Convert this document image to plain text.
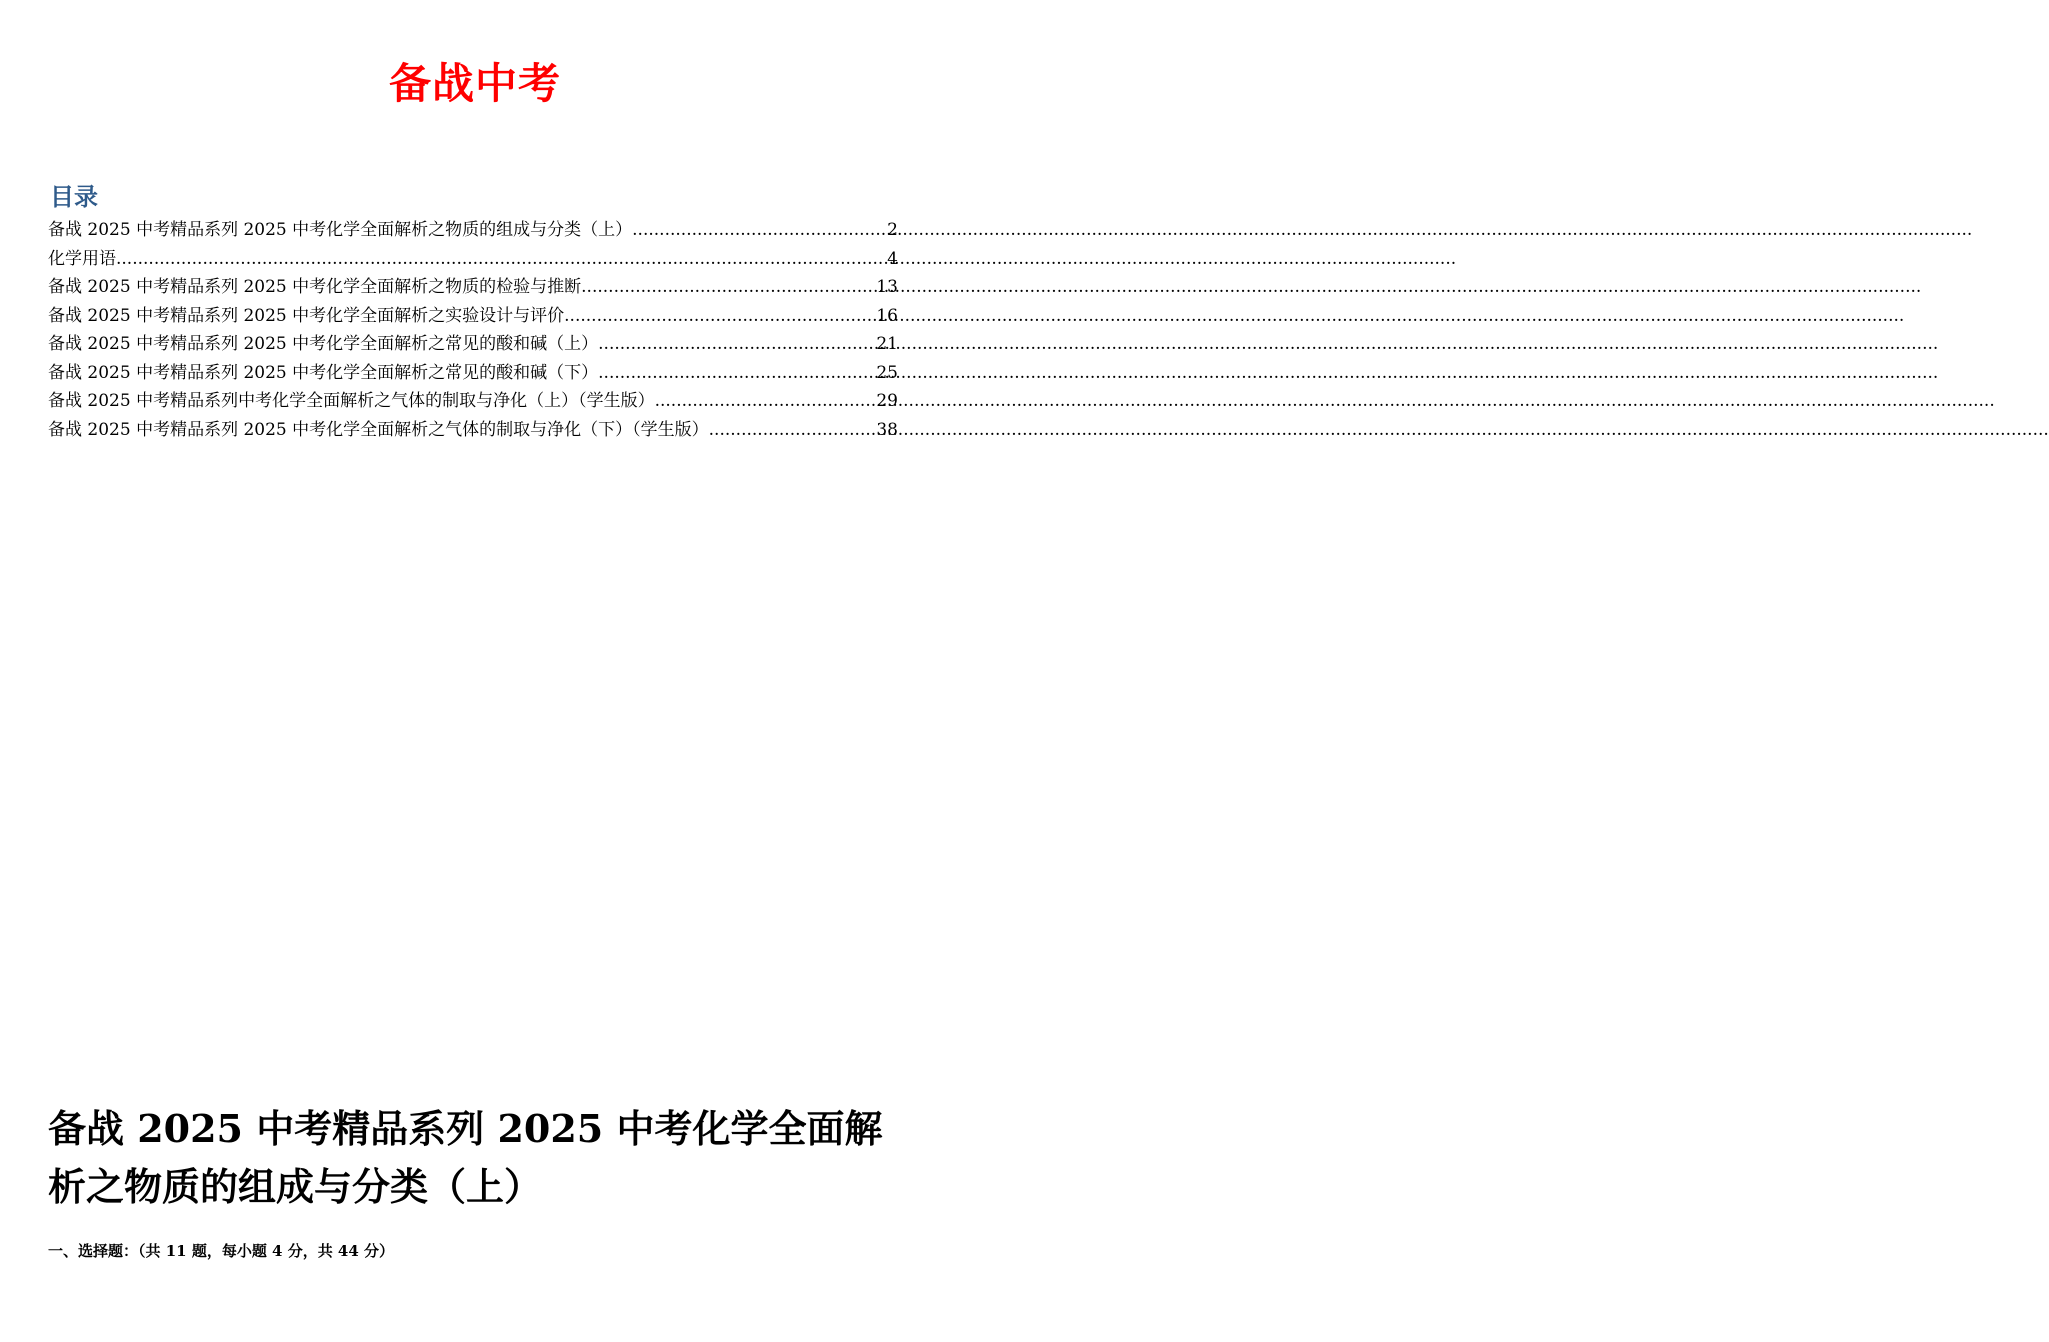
备战中考
目录
备战 2025 中考精品系列 2025 中考化学全面解析之物质的组成与分类（上） .....	2
化学用语 .....	4
备战 2025 中考精品系列 2025 中考化学全面解析之物质的检验与推断 .....	13
备战 2025 中考精品系列 2025 中考化学全面解析之实验设计与评价 .....	16
备战 2025 中考精品系列 2025 中考化学全面解析之常见的酸和碱（上） .....	21
备战 2025 中考精品系列 2025 中考化学全面解析之常见的酸和碱（下） .....	25
备战 2025 中考精品系列中考化学全面解析之气体的制取与净化（上）（学生版） .....	29
备战 2025 中考精品系列 2025 中考化学全面解析之气体的制取与净化（下）（学生版） .....	38
备战 2025 中考精品系列 2025 中考化学全面解析之物质的组成与分类（上）
一、选择题：（共 11 题，每小题 4 分，共 44 分）
